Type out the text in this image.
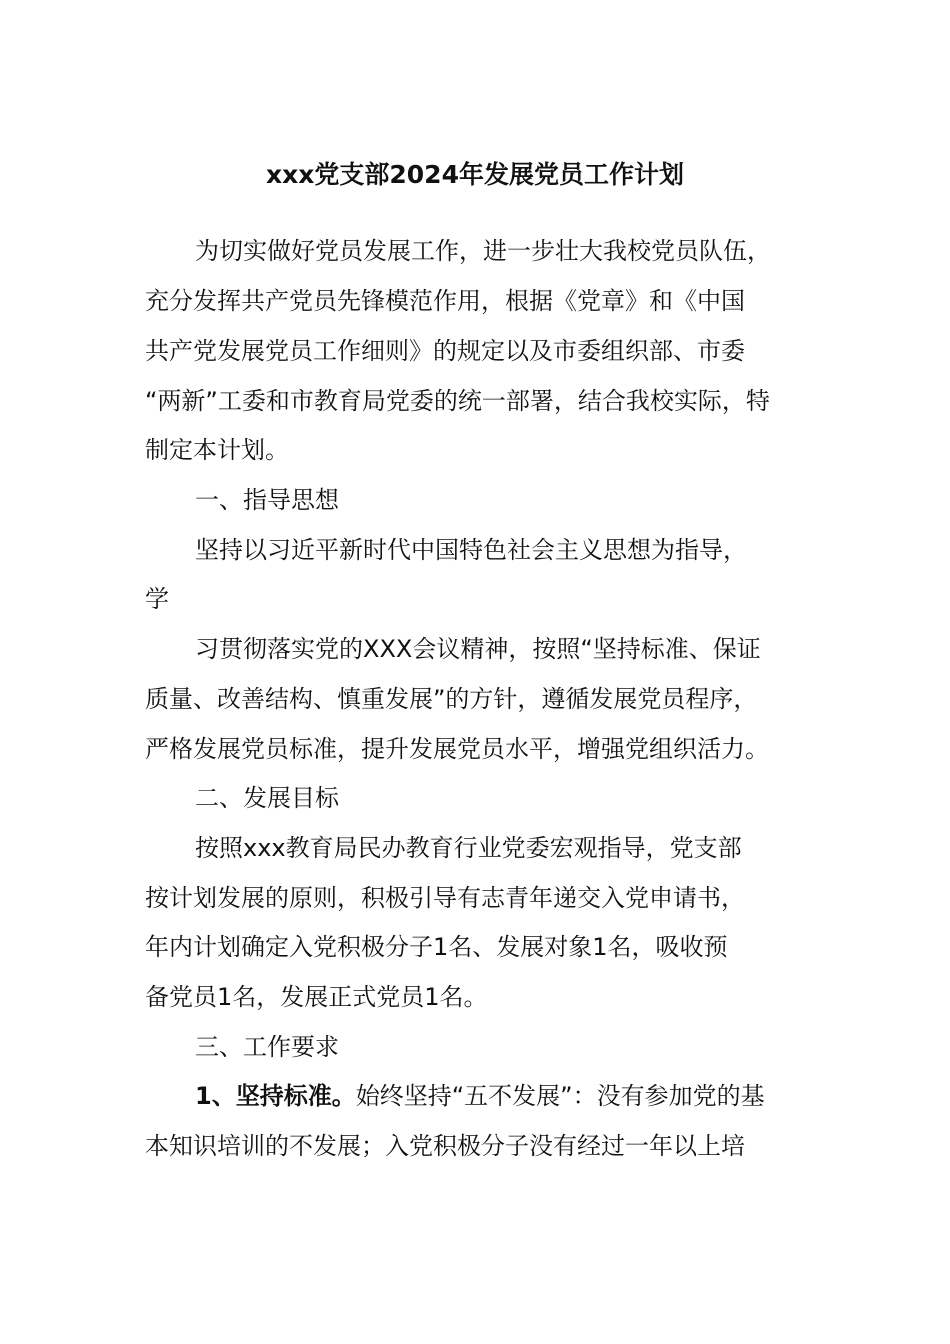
xxx党支部2024年发展党员工作计划

为切实做好党员发展工作，进一步壮大我校党员队伍，

充分发挥共产党员先锋模范作用，根据《党章》和《中国

共产党发展党员工作细则》的规定以及市委组织部、市委

“两新”工委和市教育局党委的统一部署，结合我校实际，特

制定本计划。

一、指导思想

坚持以习近平新时代中国特色社会主义思想为指导，

学

习贯彻落实党的XXX会议精神，按照“坚持标准、保证

质量、改善结构、慎重发展”的方针，遵循发展党员程序，

严格发展党员标准，提升发展党员水平，增强党组织活力。

二、发展目标

按照xxx教育局民办教育行业党委宏观指导，党支部

按计划发展的原则，积极引导有志青年递交入党申请书，

年内计划确定入党积极分子1名、发展对象1名，吸收预

备党员1名，发展正式党员1名。

三、工作要求

1、坚持标准。始终坚持“五不发展”：没有参加党的基

本知识培训的不发展；入党积极分子没有经过一年以上培
